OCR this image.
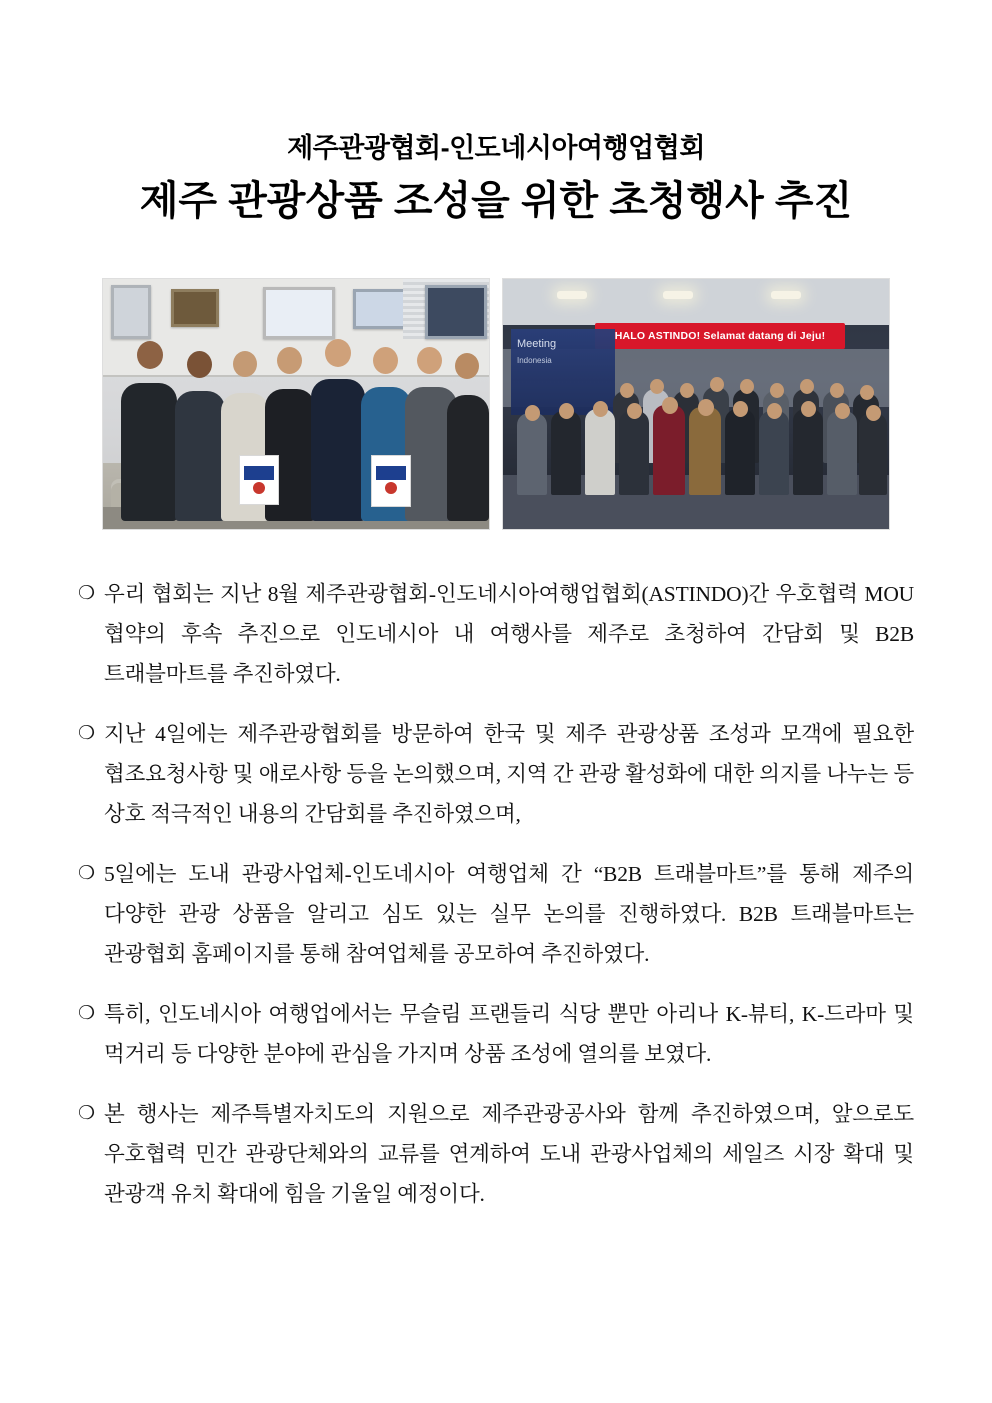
제주관광협회-인도네시아여행업협회
제주 관광상품 조성을 위한 초청행사 추진
HALO ASTINDO! Selamat datang di Jeju!
Meeting
Indonesia
❍ 우리 협회는 지난 8월 제주관광협회-인도네시아여행업협회(ASTINDO)간 우호협력 MOU 협약의 후속 추진으로 인도네시아 내 여행사를 제주로 초청하여 간담회 및 B2B 트래블마트를 추진하였다.
❍ 지난 4일에는 제주관광협회를 방문하여 한국 및 제주 관광상품 조성과 모객에 필요한 협조요청사항 및 애로사항 등을 논의했으며, 지역 간 관광 활성화에 대한 의지를 나누는 등 상호 적극적인 내용의 간담회를 추진하였으며,
❍ 5일에는 도내 관광사업체-인도네시아 여행업체 간 “B2B 트래블마트”를 통해 제주의 다양한 관광 상품을 알리고 심도 있는 실무 논의를 진행하였다. B2B 트래블마트는 관광협회 홈페이지를 통해 참여업체를 공모하여 추진하였다.
❍ 특히, 인도네시아 여행업에서는 무슬림 프랜들리 식당 뿐만 아리나 K-뷰티, K-드라마 및 먹거리 등 다양한 분야에 관심을 가지며 상품 조성에 열의를 보였다.
❍ 본 행사는 제주특별자치도의 지원으로 제주관광공사와 함께 추진하였으며, 앞으로도 우호협력 민간 관광단체와의 교류를 연계하여 도내 관광사업체의 세일즈 시장 확대 및 관광객 유치 확대에 힘을 기울일 예정이다.
